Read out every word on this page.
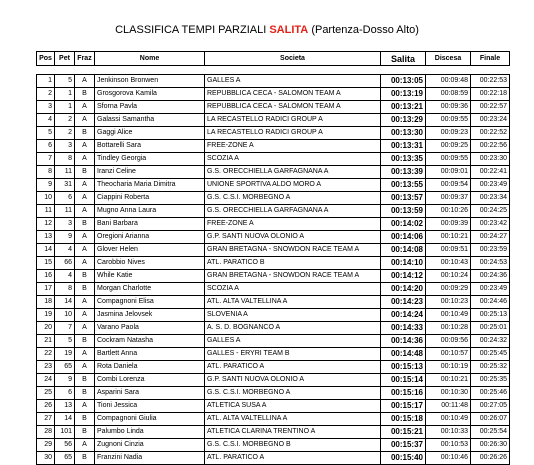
CLASSIFICA TEMPI PARZIALI SALITA (Partenza-Dosso Alto)
Pos	Pet	Fraz	Nome	Societa	Salita	Discesa	Finale

1	5	A	Jenkinson Bronwen	GALLES A	00:13:05	00:09:48	00:22:53
2	1	B	Grosgorova Kamila	REPUBBLICA CECA - SALOMON TEAM A	00:13:19	00:08:59	00:22:18
3	1	A	Sforna Pavla	REPUBBLICA CECA - SALOMON TEAM A	00:13:21	00:09:36	00:22:57
4	2	A	Galassi Samantha	LA RECASTELLO RADICI GROUP A	00:13:29	00:09:55	00:23:24
5	2	B	Gaggi Alice	LA RECASTELLO RADICI GROUP A	00:13:30	00:09:23	00:22:52
6	3	A	Bottarelli Sara	FREE-ZONE A	00:13:31	00:09:25	00:22:56
7	8	A	Tindley Georgia	SCOZIA A	00:13:35	00:09:55	00:23:30
8	11	B	Iranzi Celine	G.S. ORECCHIELLA GARFAGNANA A	00:13:39	00:09:01	00:22:41
9	31	A	Theocharia Maria Dimitra	UNIONE SPORTIVA ALDO MORO A	00:13:55	00:09:54	00:23:49
10	6	A	Ciappini Roberta	G.S. C.S.I. MORBEGNO A	00:13:57	00:09:37	00:23:34
11	11	A	Mugno Anna Laura	G.S. ORECCHIELLA GARFAGNANA A	00:13:59	00:10:26	00:24:25
12	3	B	Bani Barbara	FREE-ZONE A	00:14:02	00:09:39	00:23:42
13	9	A	Oregioni Arianna	G.P. SANTI NUOVA OLONIO A	00:14:06	00:10:21	00:24:27
14	4	A	Glover Helen	GRAN BRETAGNA - SNOWDON RACE TEAM A	00:14:08	00:09:51	00:23:59
15	66	A	Carobbio Nives	ATL. PARATICO B	00:14:10	00:10:43	00:24:53
16	4	B	While Katie	GRAN BRETAGNA - SNOWDON RACE TEAM A	00:14:12	00:10:24	00:24:36
17	8	B	Morgan Charlotte	SCOZIA A	00:14:20	00:09:29	00:23:49
18	14	A	Compagnoni Elisa	ATL. ALTA VALTELLINA A	00:14:23	00:10:23	00:24:46
19	10	A	Jasmina Jelovsek	SLOVENIA A	00:14:24	00:10:49	00:25:13
20	7	A	Varano Paola	A. S. D. BOGNANCO A	00:14:33	00:10:28	00:25:01
21	5	B	Cockram Natasha	GALLES A	00:14:36	00:09:56	00:24:32
22	19	A	Bartlett Anna	GALLES - ERYRI TEAM B	00:14:48	00:10:57	00:25:45
23	65	A	Rota Daniela	ATL. PARATICO A	00:15:13	00:10:19	00:25:32
24	9	B	Combi Lorenza	G.P. SANTI NUOVA OLONIO A	00:15:14	00:10:21	00:25:35
25	6	B	Asparini Sara	G.S. C.S.I. MORBEGNO A	00:15:16	00:10:30	00:25:46
26	13	A	Tioni Jessica	ATLETICA SUSA A	00:15:17	00:11:48	00:27:05
27	14	B	Compagnoni Giulia	ATL. ALTA VALTELLINA A	00:15:18	00:10:49	00:26:07
28	101	B	Palumbo Linda	ATLETICA CLARINA TRENTINO A	00:15:21	00:10:33	00:25:54
29	56	A	Zugnoni Cinzia	G.S. C.S.I. MORBEGNO B	00:15:37	00:10:53	00:26:30
30	65	B	Franzini Nadia	ATL. PARATICO A	00:15:40	00:10:46	00:26:26
